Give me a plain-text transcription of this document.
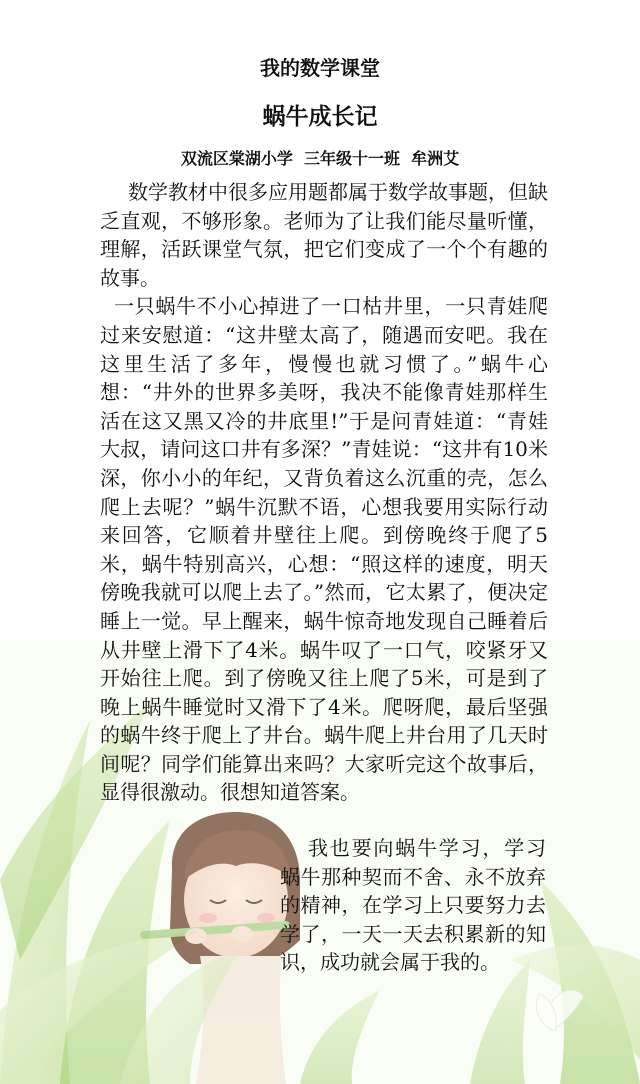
我的数学课堂
蜗牛成长记
双流区棠湖小学  三年级十一班  牟洲艾

数学教材中很多应用题都属于数学故事题，但缺乏直观，不够形象。老师为了让我们能尽量听懂，理解，活跃课堂气氛，把它们变成了一个个有趣的故事。

一只蜗牛不小心掉进了一口枯井里，一只青娃爬过来安慰道：“这井壁太高了，随遇而安吧。我在这里生活了多年，慢慢也就习惯了。”蜗牛心想：“井外的世界多美呀，我决不能像青娃那样生活在这又黑又冷的井底里!”于是问青娃道：“青娃大叔，请问这口井有多深？”青娃说：“这井有10米深，你小小的年纪，又背负着这么沉重的壳，怎么爬上去呢？”蜗牛沉默不语，心想我要用实际行动来回答，它顺着井壁往上爬。到傍晚终于爬了5米，蜗牛特别高兴，心想：“照这样的速度，明天傍晚我就可以爬上去了。”然而，它太累了，便决定睡上一觉。早上醒来，蜗牛惊奇地发现自己睡着后从井壁上滑下了4米。蜗牛叹了一口气，咬紧牙又开始往上爬。到了傍晚又往上爬了5米，可是到了晚上蜗牛睡觉时又滑下了4米。爬呀爬，最后坚强的蜗牛终于爬上了井台。蜗牛爬上井台用了几天时间呢？同学们能算出来吗？大家听完这个故事后，显得很激动。很想知道答案。

我也要向蜗牛学习，学习蜗牛那种契而不舍、永不放弃的精神，在学习上只要努力去学了，一天一天去积累新的知识，成功就会属于我的。
